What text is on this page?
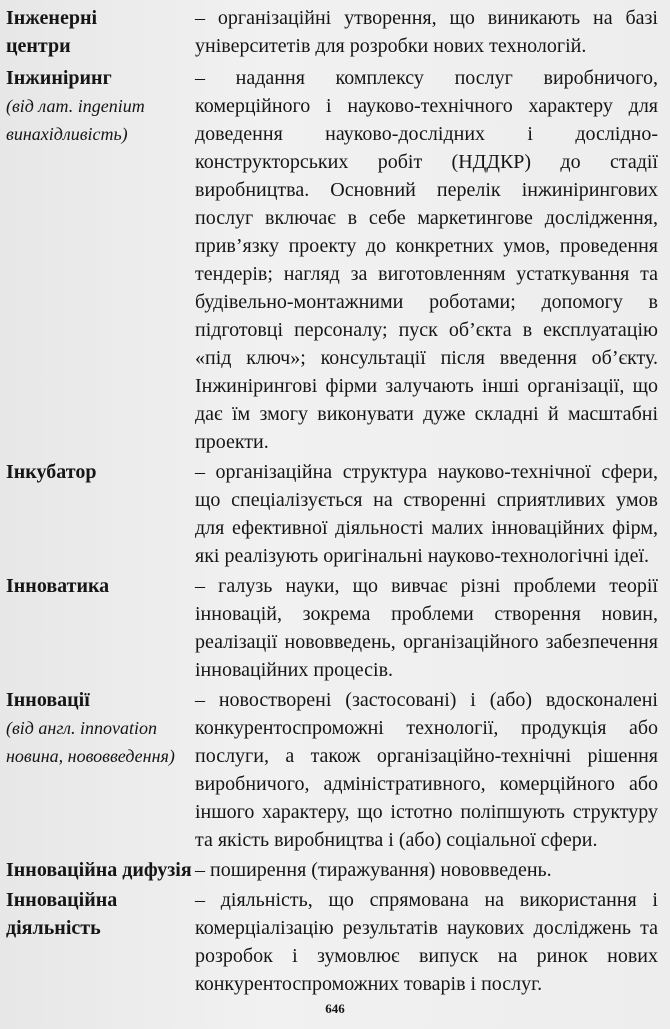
Інженерні центри

– організаційні утворення, що виникають на базі університетів для розробки нових технологій.

Інжиніринг
(від лат. ingenium винахідливість)

– надання комплексу послуг виробничого, комерційного і науково-технічного характеру для доведення науково-дослідних і дослідно-конструкторських робіт (НДДКР) до стадії виробництва. Основний перелік інжинірингових послуг включає в себе маркетингове дослідження, прив’язку проекту до конкретних умов, проведення тендерів; нагляд за виготовленням устаткування та будівельно-монтажними роботами; допомогу в підготовці персоналу; пуск об’єкта в експлуатацію «під ключ»; консультації після введення об’єкту. Інжинірингові фірми залучають інші організації, що дає їм змогу виконувати дуже складні й масштабні проекти.

Інкубатор	– організаційна структура науково-технічної сфери, що спеціалізується на створенні сприятливих умов для ефективної діяльності малих інноваційних фірм, які реалізують оригінальні науково-технологічні ідеї.

Інноватика	– галузь науки, що вивчає різні проблеми теорії інновацій, зокрема проблеми створення новин, реалізації нововведень, організаційного забезпечення інноваційних процесів.

Інновації
(від англ. innovation новина, нововведення)

– новостворені (застосовані) і (або) вдосконалені конкурентоспроможні технології, продукція або послуги, а також організаційно-технічні рішення виробничого, адміністративного, комерційного або іншого характеру, що істотно поліпшують структуру та якість виробництва і (або) соціальної сфери.

Інноваційна дифузія – поширення (тиражування) нововведень.

Інноваційна діяльність

– діяльність, що спрямована на використання і комерціалізацію результатів наукових досліджень та розробок і зумовлює випуск на ринок нових конкурентоспроможних товарів і послуг.

646
